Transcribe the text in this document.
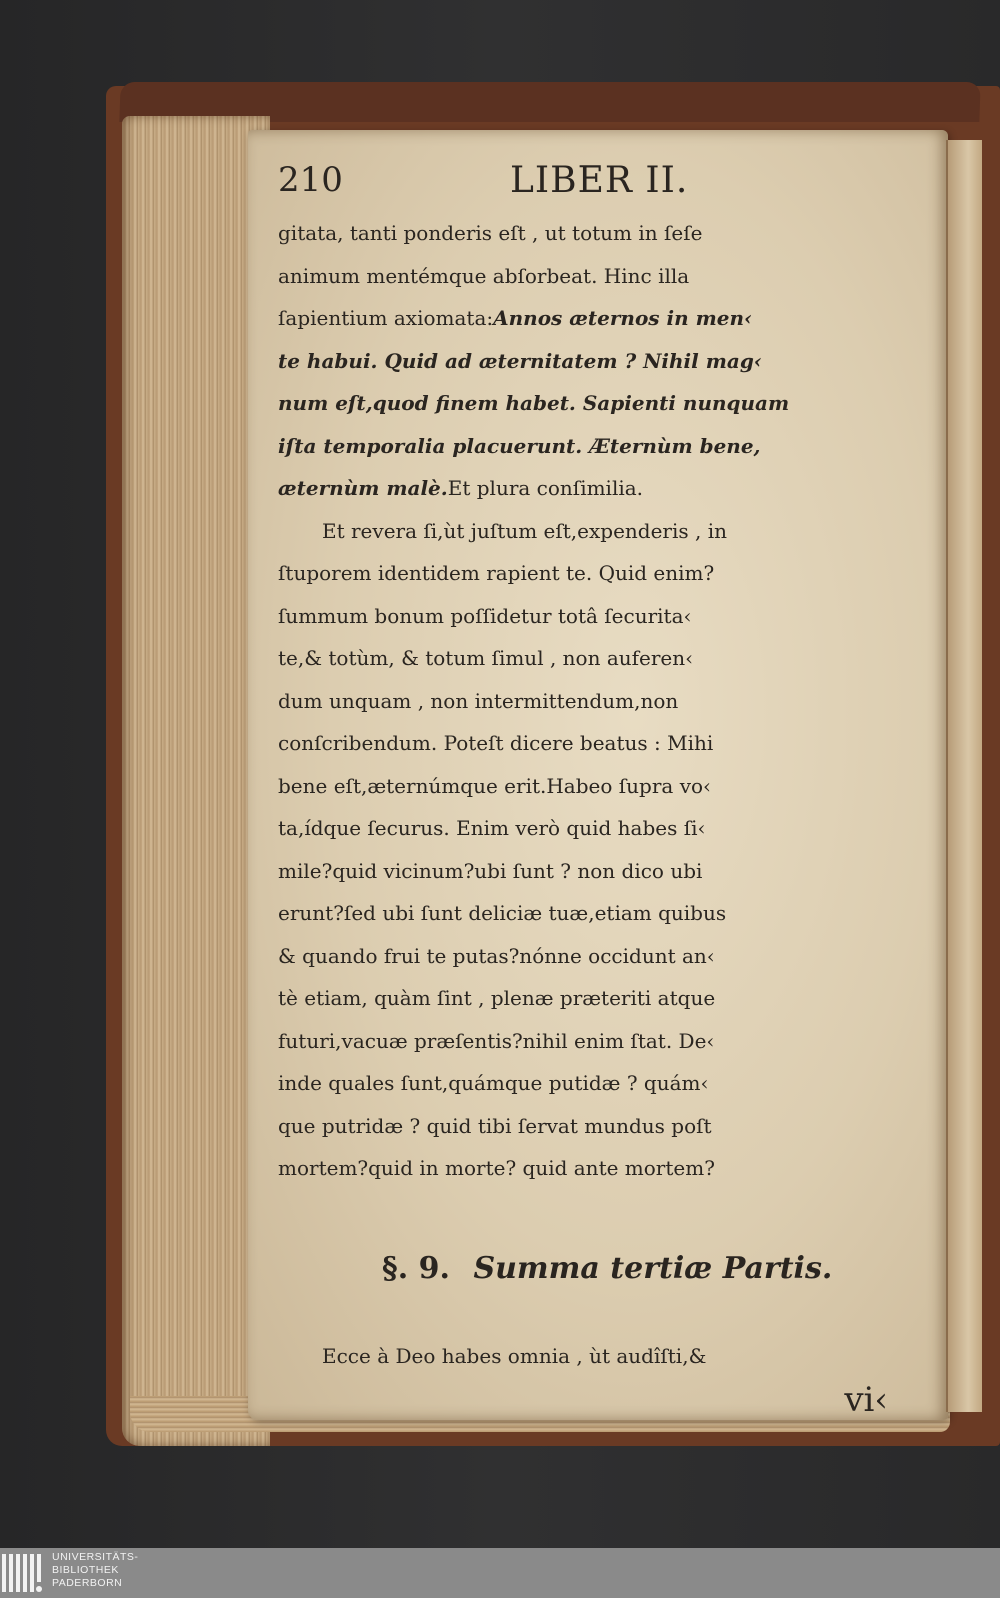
210	LIBER II.
gitata, tanti ponderis eſt , ut totum in ſeſe
animum mentémque abſorbeat. Hinc illa
ſapientium axiomata:Annos æternos in men‹
te habui. Quid ad æternitatem ? Nihil mag‹
num eſt,quod finem habet. Sapienti nunquam
iſta temporalia placuerunt. Æternùm bene,
æternùm malè.Et plura conſimilia.
Et revera ſi,ùt juſtum eſt,expenderis , in
ſtuporem identidem rapient te. Quid enim?
ſummum bonum poſſidetur totâ ſecurita‹
te,& totùm, & totum ſimul , non auferen‹
dum unquam , non intermittendum,non
conſcribendum. Poteſt dicere beatus : Mihi
bene eſt,æternúmque erit.Habeo ſupra vo‹
ta,ídque ſecurus. Enim verò quid habes ſi‹
mile?quid vicinum?ubi ſunt ? non dico ubi
erunt?ſed ubi ſunt deliciæ tuæ,etiam quibus
& quando frui te putas?nónne occidunt an‹
tè etiam, quàm ſint , plenæ præteriti atque
futuri,vacuæ præſentis?nihil enim ſtat. De‹
inde quales ſunt,quámque putidæ ? quám‹
que putridæ ? quid tibi ſervat mundus poſt
mortem?quid in morte? quid ante mortem?
§. 9. Summa tertiæ Partis.
Ecce à Deo habes omnia , ùt audîſti,&
vi‹
UNIVERSITÄTS-
BIBLIOTHEK
PADERBORN
